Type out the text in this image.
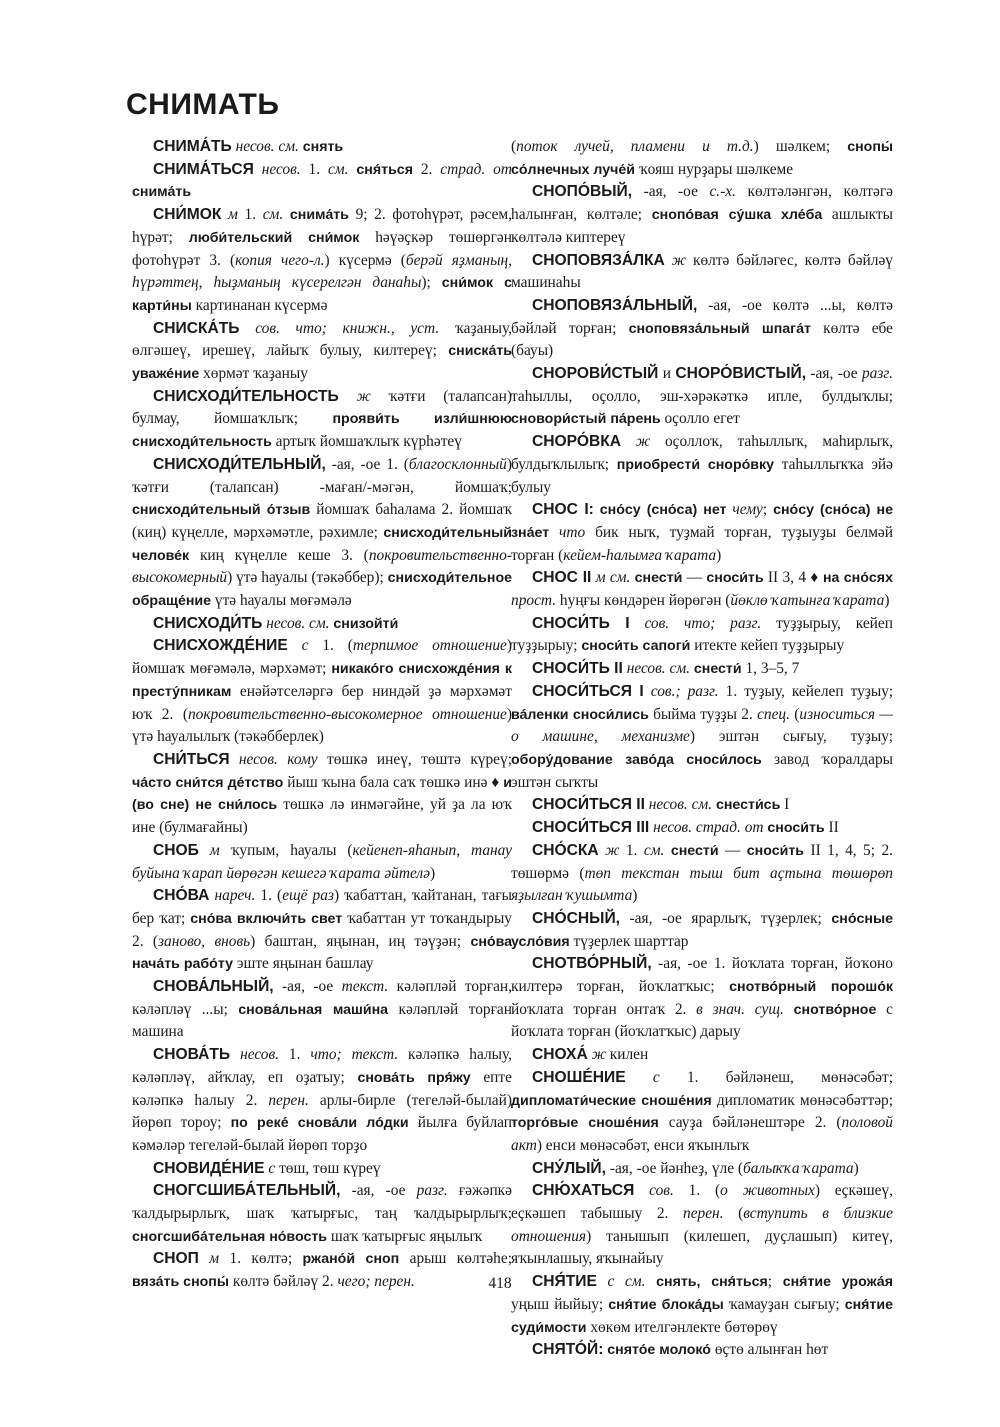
СНИМАТЬ

СНИМА́ТЬ несов. см. снять

СНИМА́ТЬСЯ несов. 1. см. сня́ться 2. страд. от снима́ть

СНИ́МОК м 1. см. снима́ть 9; 2. фотоһүрәт, рәсем, һүрәт; люби́тельский сни́мок һәүәҫкәр төшөргән фотоһүрәт 3. (копия чего-л.) күсермә (берәй яҙманың, һүрәттең, һыҙманың күсерелгән данаһы); сни́мок с карти́ны картинанан күсермә

СНИСКА́ТЬ сов. что; книжн., уст. ҡаҙаныу, өлгәшеү, ирешеү, лайыҡ булыу, килтереү; сниска́ть уваже́ние хөрмәт ҡаҙаныу

СНИСХОДИ́ТЕЛЬНОСТЬ ж ҡәтғи (талапсан) булмау, йомшаҡлыҡ; прояви́ть изли́шнюю снисходи́тельность артыҡ йомшаҡлыҡ күрһәтеү

СНИСХОДИ́ТЕЛЬНЫЙ, -ая, -ое 1. (благосклонный) ҡәтғи (талапсан) -маған/-мәгән, йомшаҡ; снисходи́тельный о́тзыв йомшаҡ баһалама 2. йомшаҡ (киң) күңелле, мәрхәмәтле, рәхимле; снисходи́тельный челове́к киң күңелле кеше 3. (покровительственно-высокомерный) үтә һауалы (тәкәббер); снисходи́тельное обраще́ние үтә һауалы мөғәмәлә

СНИСХОДИ́ТЬ несов. см. снизойти́

СНИСХОЖДЕ́НИЕ с 1. (терпимое отношение) йомшаҡ мөғәмәлә, мәрхәмәт; никако́го снисхожде́ния к престу́пникам енәйәтселәргә бер ниндәй ҙә мәрхәмәт юҡ 2. (покровительственно-высокомерное отношение) үтә һауалылыҡ (тәкәбберлек)

СНИ́ТЬСЯ несов. кому төшкә инеү, төштә күреү; ча́сто сни́тся де́тство йыш ҡына бала саҡ төшкә инә ♦ и (во сне) не сни́лось төшкә лә инмәгәйне, уй ҙа ла юҡ ине (булмағайны)

СНОБ м ҡупым, һауалы (кейенеп-яһанып, танау буйына ҡарап йөрөгән кешегә ҡарата әйтелә)

СНО́ВА нареч. 1. (ещё раз) ҡабаттан, ҡайтанан, тағы бер ҡат; сно́ва включи́ть свет ҡабаттан ут тоҡандырыу 2. (заново, вновь) баштан, яңынан, иң тәүҙән; сно́ва нача́ть рабо́ту эште яңынан башлау

СНОВА́ЛЬНЫЙ, -ая, -ое текст. кәләпләй торған, кәләпләү ...ы; снова́льная маши́на кәләпләй торған машина

СНОВА́ТЬ несов. 1. что; текст. кәләпкә һалыу, кәләпләү, айҡлау, еп оҙатыу; снова́ть пря́жу епте кәләпкә һалыу 2. перен. арлы-бирле (тегеләй-былай) йөрөп тороу; по реке́ снова́ли ло́дки йылға буйлап кәмәләр тегеләй-былай йөрөп торҙо

СНОВИДЕ́НИЕ с төш, төш күреү

СНОГСШИБА́ТЕЛЬНЫЙ, -ая, -ое разг. ғәжәпкә ҡалдырырлыҡ, шаҡ ҡатырғыс, таң ҡалдырырлыҡ; сногсшиба́тельная но́вость шаҡ ҡатырғыс яңылыҡ

СНОП м 1. көлтә; ржано́й сноп арыш көлтәһе; вяза́ть снопы́ көлтә бәйләү 2. чего; перен.

(поток лучей, пламени и т.д.) шәлкем; снопы́ со́лнечных луче́й ҡояш нурҙары шәлкеме

СНОПО́ВЫЙ, -ая, -ое с.-х. көлтәләнгән, көлтәгә һалынған, көлтәле; снопо́вая су́шка хле́ба ашлыкты көлтәлә киптереү

СНОПОВЯЗА́ЛКА ж көлтә бәйләгес, көлтә бәйләү машинаһы

СНОПОВЯЗА́ЛЬНЫЙ, -ая, -ое көлтә ...ы, көлтә бәйләй торған; сноповяза́льный шпага́т көлтә ебе (бауы)

СНОРОВИ́СТЫЙ и СНОРО́ВИСТЫЙ, -ая, -ое разг. таһыллы, оҫолло, эш-хәрәкәткә ипле, булдыҡлы; сновори́стый па́рень оҫолло егет

СНОРО́ВКА ж оҫоллоҡ, таһыллыҡ, маһирлыҡ, булдыҡлылыҡ; приобрести́ сноро́вку таһыллыҡҡа эйә булыу

СНОС I: сно́су (сно́са) нет чему; сно́су (сно́са) не зна́ет что бик ныҡ, туҙмай торған, туҙыуҙы белмәй торған (кейем-һалымға ҡарата)

СНОС II м см. снести́ — сноси́ть II 3, 4 ♦ на сно́сях прост. һуңғы көндәрен йөрөгән (йөклө ҡатынға ҡарата)

СНОСИ́ТЬ I сов. что; разг. туҙҙырыу, кейеп туҙҙырыу; сноси́ть сапоги́ итекте кейеп туҙҙырыу

СНОСИ́ТЬ II несов. см. снести́ 1, 3–5, 7

СНОСИ́ТЬСЯ I сов.; разг. 1. туҙыу, кейелеп туҙыу; ва́ленки сноси́лись быйма туҙҙы 2. спец. (износиться — о машине, механизме) эштән сығыу, туҙыу; обору́дование заво́да сноси́лось завод ҡоралдары эштән сыҡты

СНОСИ́ТЬСЯ II несов. см. снести́сь I

СНОСИ́ТЬСЯ III несов. страд. от сноси́ть II

СНО́СКА ж 1. см. снести́ — сноси́ть II 1, 4, 5; 2. төшөрмә (төп текстан тыш бит аҫтына төшөрөп яҙылған ҡушымта)

СНО́СНЫЙ, -ая, -ое ярарлыҡ, түҙерлек; сно́сные усло́вия түҙерлек шарттар

СНОТВО́РНЫЙ, -ая, -ое 1. йоҡлата торған, йоҡоно килтерә торған, йоҡлатҡыс; снотво́рный порошо́к йоҡлата торған онтаҡ 2. в знач. сущ. снотво́рное с йоҡлата торған (йоҡлатҡыс) дарыу

СНОХА́ ж килен

СНОШЕ́НИЕ с 1. бәйләнеш, мөнәсәбәт; дипломати́ческие сноше́ния дипломатик мөнәсәбәттәр; торго́вые сноше́ния сауҙа бәйләнештәре 2. (половой акт) енси мөнәсәбәт, енси яҡынлыҡ

СНУ́ЛЫЙ, -ая, -ое йәнһеҙ, үле (балыҡҡа ҡарата)

СНЮ́ХАТЬСЯ сов. 1. (о животных) еҫкәшеү, еҫкәшеп табышыу 2. перен. (вступить в близкие отношения) танышып (килешеп, дуҫлашып) китеү, яҡынлашыу, яҡынайыу

СНЯ́ТИЕ с см. снять, сня́ться; сня́тие урожа́я уңыш йыйыу; сня́тие блока́ды ҡамауҙан сығыу; сня́тие суди́мости хөкөм ителгәнлекте бөтөрөү

СНЯТО́Й: снято́е молоко́ өҫтө алынған һөт

418
